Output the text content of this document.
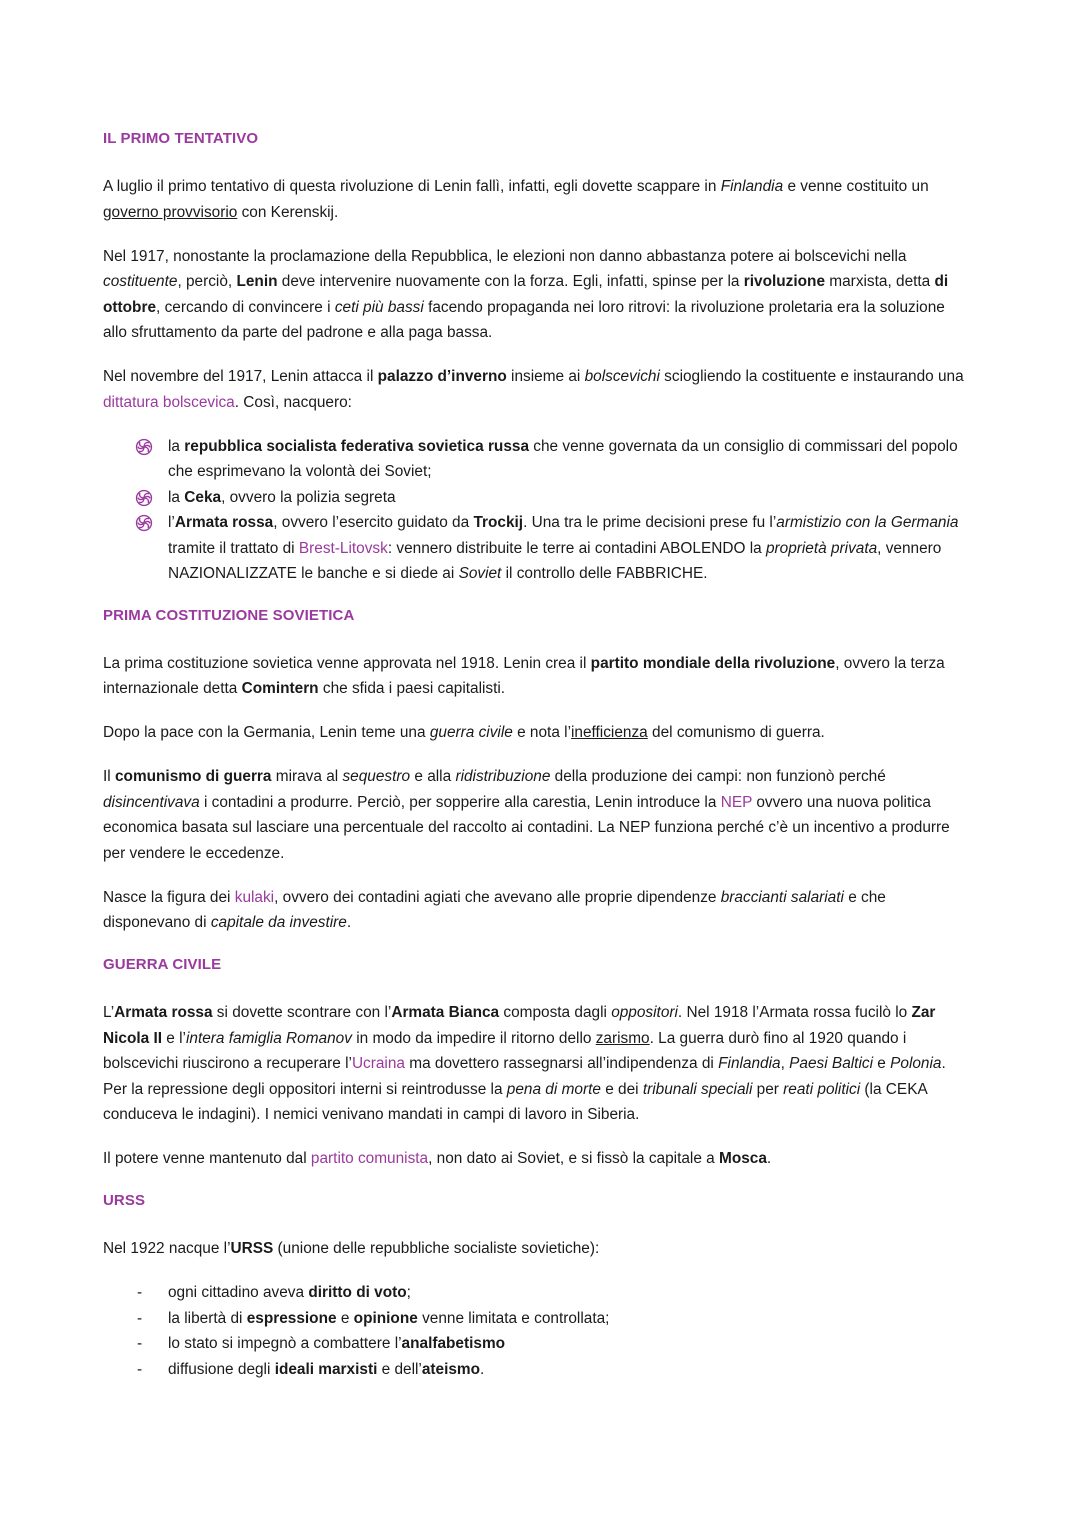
IL PRIMO TENTATIVO

A luglio il primo tentativo di questa rivoluzione di Lenin fallì, infatti, egli dovette scappare in Finlandia e venne costituito un governo provvisorio con Kerenskij.

Nel 1917, nonostante la proclamazione della Repubblica, le elezioni non danno abbastanza potere ai bolscevichi nella costituente, perciò, Lenin deve intervenire nuovamente con la forza. Egli, infatti, spinse per la rivoluzione marxista, detta di ottobre, cercando di convincere i ceti più bassi facendo propaganda nei loro ritrovi: la rivoluzione proletaria era la soluzione allo sfruttamento da parte del padrone e alla paga bassa.

Nel novembre del 1917, Lenin attacca il palazzo d’inverno insieme ai bolscevichi sciogliendo la costituente e instaurando una dittatura bolscevica. Così, nacquero:

la repubblica socialista federativa sovietica russa che venne governata da un consiglio di commissari del popolo che esprimevano la volontà dei Soviet;
la Ceka, ovvero la polizia segreta
l’Armata rossa, ovvero l’esercito guidato da Trockij. Una tra le prime decisioni prese fu l’armistizio con la Germania tramite il trattato di Brest-Litovsk: vennero distribuite le terre ai contadini ABOLENDO la proprietà privata, vennero NAZIONALIZZATE le banche e si diede ai Soviet il controllo delle FABBRICHE.
PRIMA COSTITUZIONE SOVIETICA

La prima costituzione sovietica venne approvata nel 1918. Lenin crea il partito mondiale della rivoluzione, ovvero la terza internazionale detta Comintern che sfida i paesi capitalisti.

Dopo la pace con la Germania, Lenin teme una guerra civile e nota l’inefficienza del comunismo di guerra.

Il comunismo di guerra mirava al sequestro e alla ridistribuzione della produzione dei campi: non funzionò perché disincentivava i contadini a produrre. Perciò, per sopperire alla carestia, Lenin introduce la NEP ovvero una nuova politica economica basata sul lasciare una percentuale del raccolto ai contadini. La NEP funziona perché c’è un incentivo a produrre per vendere le eccedenze.

Nasce la figura dei kulaki, ovvero dei contadini agiati che avevano alle proprie dipendenze braccianti salariati e che disponevano di capitale da investire.

GUERRA CIVILE

L’Armata rossa si dovette scontrare con l’Armata Bianca composta dagli oppositori. Nel 1918 l’Armata rossa fucilò lo Zar Nicola II e l’intera famiglia Romanov in modo da impedire il ritorno dello zarismo. La guerra durò fino al 1920 quando i bolscevichi riuscirono a recuperare l’Ucraina ma dovettero rassegnarsi all’indipendenza di Finlandia, Paesi Baltici e Polonia. Per la repressione degli oppositori interni si reintrodusse la pena di morte e dei tribunali speciali per reati politici (la CEKA conduceva le indagini). I nemici venivano mandati in campi di lavoro in Siberia.

Il potere venne mantenuto dal partito comunista, non dato ai Soviet, e si fissò la capitale a Mosca.

URSS

Nel 1922 nacque l’URSS (unione delle repubbliche socialiste sovietiche):

- ogni cittadino aveva diritto di voto;
- la libertà di espressione e opinione venne limitata e controllata;
- lo stato si impegnò a combattere l’analfabetismo
- diffusione degli ideali marxisti e dell’ateismo.
